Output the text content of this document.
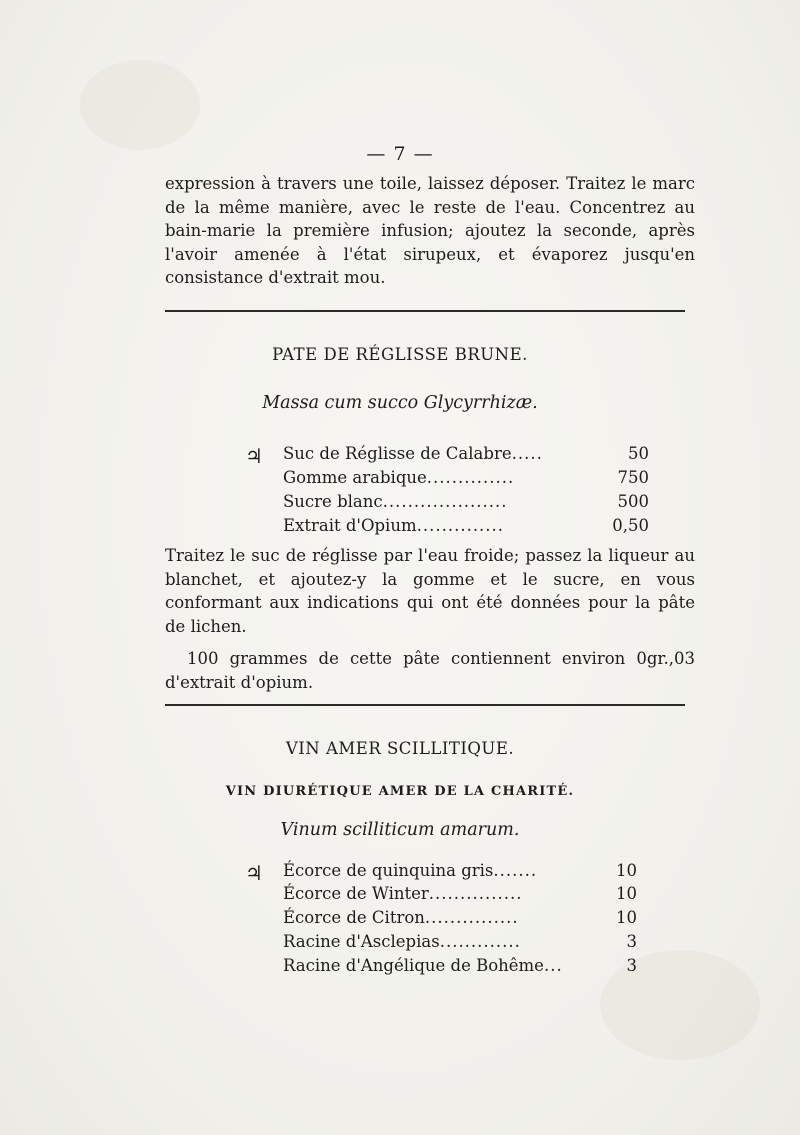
— 7 —

expression à travers une toile, laissez déposer. Traitez le marc de la même manière, avec le reste de l'eau. Concentrez au bain-marie la première infusion; ajoutez la seconde, après l'avoir amenée à l'état sirupeux, et évaporez jusqu'en consistance d'extrait mou.

PATE DE RÉGLISSE BRUNE.
Massa cum succo Glycyrrhizæ.
♃ Suc de Réglisse de Calabre.....	50
Gomme arabique..............	750
Sucre blanc....................	500
Extrait d'Opium..............	0,50

Traitez le suc de réglisse par l'eau froide; passez la liqueur au blanchet, et ajoutez-y la gomme et le sucre, en vous conformant aux indications qui ont été données pour la pâte de lichen.

100 grammes de cette pâte contiennent environ 0gr.,03 d'extrait d'opium.

VIN AMER SCILLITIQUE.
VIN DIURÉTIQUE AMER DE LA CHARITÉ.
Vinum scilliticum amarum.
♃ Écorce de quinquina gris.......	10
Écorce de Winter...............	10
Écorce de Citron...............	10
Racine d'Asclepias.............	3
Racine d'Angélique de Bohême...	3
